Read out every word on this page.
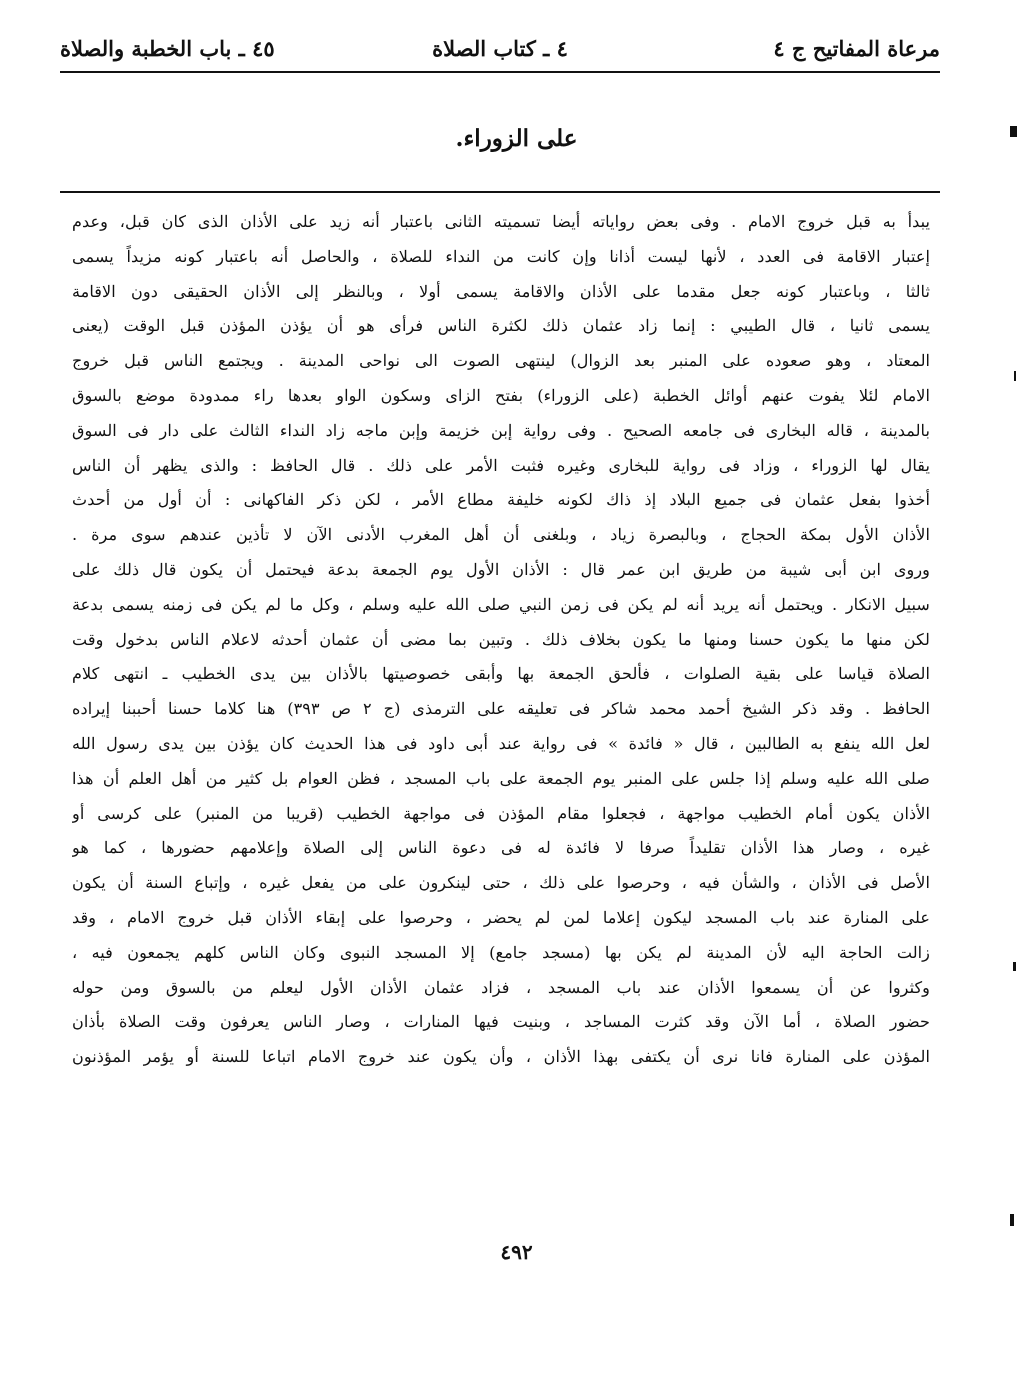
مرعاة المفاتيح ج ٤
٤ ـ كتاب الصلاة
٤٥ ـ باب الخطبة والصلاة
على الزوراء.
يبدأ به قبل خروج الامام . وفى بعض رواياته أيضا تسميته الثانى باعتبار أنه زيد على الأذان الذى كان قبل، وعدم
إعتبار الاقامة فى العدد ، لأنها ليست أذانا وإن كانت من النداء للصلاة ، والحاصل أنه باعتبار كونه مزيداً يسمى
ثالثا ، وباعتبار كونه جعل مقدما على الأذان والاقامة يسمى أولا ، وبالنظر إلى الأذان الحقيقى دون الاقامة
يسمى ثانيا ، قال الطيبي : إنما زاد عثمان ذلك لكثرة الناس فرأى هو أن يؤذن المؤذن قبل الوقت (يعنى
المعتاد ، وهو صعوده على المنبر بعد الزوال) لينتهى الصوت الى نواحى المدينة . ويجتمع الناس قبل خروج
الامام لئلا يفوت عنهم أوائل الخطبة (على الزوراء) بفتح الزاى وسكون الواو بعدها راء ممدودة موضع بالسوق
بالمدينة ، قاله البخارى فى جامعه الصحيح . وفى رواية إبن خزيمة وإبن ماجه زاد النداء الثالث على دار فى السوق
يقال لها الزوراء ، وزاد فى رواية للبخارى وغيره فثبت الأمر على ذلك . قال الحافظ : والذى يظهر أن الناس
أخذوا بفعل عثمان فى جميع البلاد إذ ذاك لكونه خليفة مطاع الأمر ، لكن ذكر الفاكهانى : أن أول من أحدث
الأذان الأول بمكة الحجاج ، وبالبصرة زياد ، وبلغنى أن أهل المغرب الأدنى الآن لا تأذين عندهم سوى مرة .
وروى ابن أبى شيبة من طريق ابن عمر قال : الأذان الأول يوم الجمعة بدعة فيحتمل أن يكون قال ذلك على
سبيل الانكار . ويحتمل أنه يريد أنه لم يكن فى زمن النبي صلى الله عليه وسلم ، وكل ما لم يكن فى زمنه يسمى بدعة
لكن منها ما يكون حسنا ومنها ما يكون بخلاف ذلك . وتبين بما مضى أن عثمان أحدثه لاعلام الناس بدخول وقت
الصلاة قياسا على بقية الصلوات ، فألحق الجمعة بها وأبقى خصوصيتها بالأذان بين يدى الخطيب ـ انتهى كلام
الحافظ . وقد ذكر الشيخ أحمد محمد شاكر فى تعليقه على الترمذى (ج ٢ ص ٣٩٣) هنا كلاما حسنا أحببنا إيراده
لعل الله ينفع به الطالبين ، قال « فائدة » فى رواية عند أبى داود فى هذا الحديث كان يؤذن بين يدى رسول الله
صلى الله عليه وسلم إذا جلس على المنبر يوم الجمعة على باب المسجد ، فظن العوام بل كثير من أهل العلم أن هذا
الأذان يكون أمام الخطيب مواجهة ، فجعلوا مقام المؤذن فى مواجهة الخطيب (قريبا من المنبر) على كرسى أو
غيره ، وصار هذا الأذان تقليداً صرفا لا فائدة له فى دعوة الناس إلى الصلاة وإعلامهم حضورها ، كما هو
الأصل فى الأذان ، والشأن فيه ، وحرصوا على ذلك ، حتى لينكرون على من يفعل غيره ، وإتباع السنة أن يكون
على المنارة عند باب المسجد ليكون إعلاما لمن لم يحضر ، وحرصوا على إبقاء الأذان قبل خروج الامام ، وقد
زالت الحاجة اليه لأن المدينة لم يكن بها (مسجد جامع) إلا المسجد النبوى وكان الناس كلهم يجمعون فيه ،
وكثروا عن أن يسمعوا الأذان عند باب المسجد ، فزاد عثمان الأذان الأول ليعلم من بالسوق ومن حوله
حضور الصلاة ، أما الآن وقد كثرت المساجد ، وبنيت فيها المنارات ، وصار الناس يعرفون وقت الصلاة بأذان
المؤذن على المنارة فانا نرى أن يكتفى بهذا الأذان ، وأن يكون عند خروج الامام اتباعا للسنة أو يؤمر المؤذنون
٤٩٢
